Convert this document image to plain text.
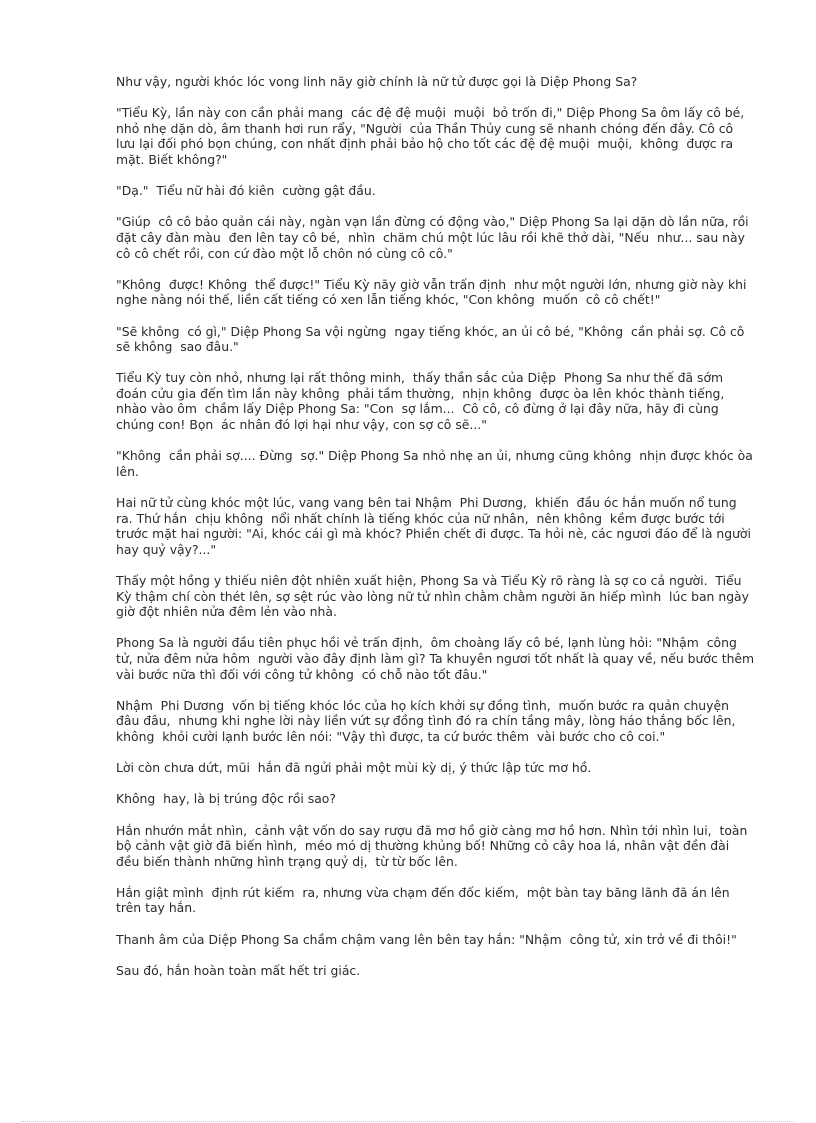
Như vậy, người khóc lóc vong linh nãy giờ chính là nữ tử được gọi là Diệp Phong Sa?

"Tiểu Kỳ, lần này con cần phải mang  các đệ đệ muội  muội  bỏ trốn đi," Diệp Phong Sa ôm lấy cô bé, nhỏ nhẹ dặn dò, âm thanh hơi run rẩy, "Người  của Thần Thủy cung sẽ nhanh chóng đến đây. Cô cô lưu lại đối phó bọn chúng, con nhất định phải bảo hộ cho tốt các đệ đệ muội  muội,  không  được ra mặt. Biết không?"

"Dạ."  Tiểu nữ hài đó kiên  cường gật đầu.

"Giúp  cô cô bảo quản cái này, ngàn vạn lần đừng có động vào," Diệp Phong Sa lại dặn dò lần nữa, rồi đặt cây đàn màu  đen lên tay cô bé,  nhìn  chăm chú một lúc lâu rồi khẽ thở dài, "Nếu  như... sau này cô cô chết rồi, con cứ đào một lỗ chôn nó cùng cô cô."

"Không  được! Không  thể được!" Tiểu Kỳ nãy giờ vẫn trấn định  như một người lớn, nhưng giờ này khi nghe nàng nói thế, liền cất tiếng có xen lẫn tiếng khóc, "Con không  muốn  cô cô chết!"

"Sẽ không  có gì," Diệp Phong Sa vội ngừng  ngay tiếng khóc, an ủi cô bé, "Không  cần phải sợ. Cô cô sẽ không  sao đâu."

Tiểu Kỳ tuy còn nhỏ, nhưng lại rất thông minh,  thấy thần sắc của Diệp  Phong Sa như thế đã sớm  đoán cửu gia đến tìm lần này không  phải tầm thường,  nhịn không  được òa lên khóc thành tiếng, nhào vào ôm  chầm lấy Diệp Phong Sa: "Con  sợ lắm...  Cô cô, cô đừng ở lại đây nữa, hãy đi cùng chúng con! Bọn  ác nhân đó lợi hại như vậy, con sợ cô sẽ..."

"Không  cần phải sợ.... Đừng  sợ." Diệp Phong Sa nhỏ nhẹ an ủi, nhưng cũng không  nhịn được khóc òa lên.

Hai nữ tử cùng khóc một lúc, vang vang bên tai Nhậm  Phi Dương,  khiến  đầu óc hắn muốn nổ tung ra. Thứ hắn  chịu không  nổi nhất chính là tiếng khóc của nữ nhân,  nên không  kềm được bước tới trước mặt hai người: "Ai, khóc cái gì mà khóc? Phiền chết đi được. Ta hỏi nè, các ngươi đáo để là người hay quỷ vậy?..."

Thấy một hồng y thiếu niên đột nhiên xuất hiện, Phong Sa và Tiểu Kỳ rõ ràng là sợ co cả người.  Tiểu Kỳ thậm chí còn thét lên, sợ sệt rúc vào lòng nữ tử nhìn chằm chằm người ăn hiếp mình  lúc ban ngày giờ đột nhiên nửa đêm lẻn vào nhà.

Phong Sa là người đầu tiên phục hồi vẻ trấn định,  ôm choàng lấy cô bé, lạnh lùng hỏi: "Nhậm  công tử, nửa đêm nửa hôm  người vào đây định làm gì? Ta khuyên ngươi tốt nhất là quay về, nếu bước thêm  vài bước nữa thì đối với công tử không  có chỗ nào tốt đâu."

Nhậm  Phi Dương  vốn bị tiếng khóc lóc của họ kích khởi sự đồng tình,  muốn bước ra quản chuyện đâu đâu,  nhưng khi nghe lời này liền vứt sự đồng tình đó ra chín tầng mây, lòng háo thắng bốc lên, không  khỏi cười lạnh bước lên nói: "Vậy thì được, ta cứ bước thêm  vài bước cho cô coi."

Lời còn chưa dứt, mũi  hắn đã ngửi phải một mùi kỳ dị, ý thức lập tức mơ hồ.

Không  hay, là bị trúng độc rồi sao?

Hắn nhướn mắt nhìn,  cảnh vật vốn do say rượu đã mơ hồ giờ càng mơ hồ hơn. Nhìn tới nhìn lui,  toàn bộ cảnh vật giờ đã biến hình,  méo mó dị thường khủng bố! Những cỏ cây hoa lá, nhân vật đền đài đều biến thành những hình trạng quỷ dị,  từ từ bốc lên.

Hắn giật mình  định rút kiếm  ra, nhưng vừa chạm đến đốc kiếm,  một bàn tay băng lãnh đã án lên trên tay hắn.

Thanh âm của Diệp Phong Sa chầm chậm vang lên bên tay hắn: "Nhậm  công tử, xin trở về đi thôi!"

Sau đó, hắn hoàn toàn mất hết tri giác.
